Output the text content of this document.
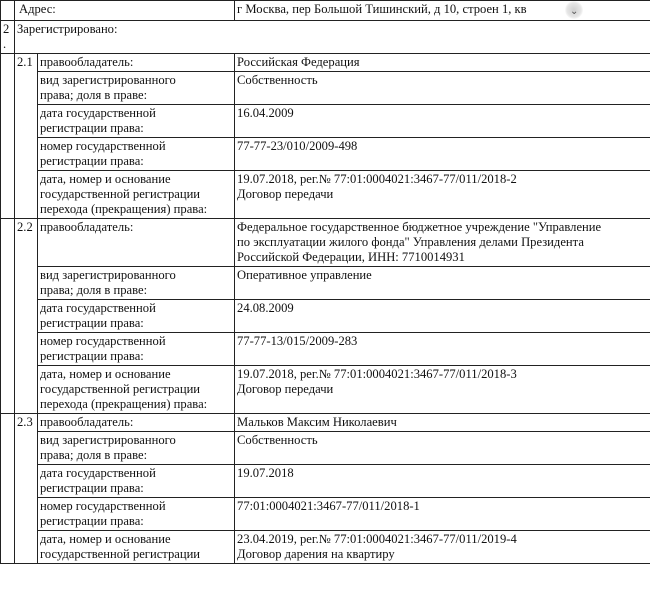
	Адрес:		г Москва, пер Большой Тишинский, д 10, строен 1, кв ⌄

2.	Зарегистрировано:		
	2.1	правообладатель:	Российская Федерация

		вид зарегистрированного
права; доля в праве:	Собственность

		дата государственной
регистрации права:	16.04.2009

		номер государственной
регистрации права:	77-77-23/010/2009-498

		дата, номер и основание
государственной регистрации
перехода (прекращения) права:	19.07.2018, рег.№ 77:01:0004021:3467-77/011/2018-2
Договор передачи

	2.2	правообладатель:	Федеральное государственное бюджетное учреждение "Управление
по эксплуатации жилого фонда" Управления делами Президента
Российской Федерации, ИНН: 7710014931

		вид зарегистрированного
права; доля в праве:	Оперативное управление

		дата государственной
регистрации права:	24.08.2009

		номер государственной
регистрации права:	77-77-13/015/2009-283

		дата, номер и основание
государственной регистрации
перехода (прекращения) права:	19.07.2018, рег.№ 77:01:0004021:3467-77/011/2018-3
Договор передачи

	2.3	правообладатель:	Мальков Максим Николаевич

		вид зарегистрированного
права; доля в праве:	Собственность

		дата государственной
регистрации права:	19.07.2018

		номер государственной
регистрации права:	77:01:0004021:3467-77/011/2018-1

		дата, номер и основание
государственной регистрации	23.04.2019, рег.№ 77:01:0004021:3467-77/011/2019-4
Договор дарения на квартиру
